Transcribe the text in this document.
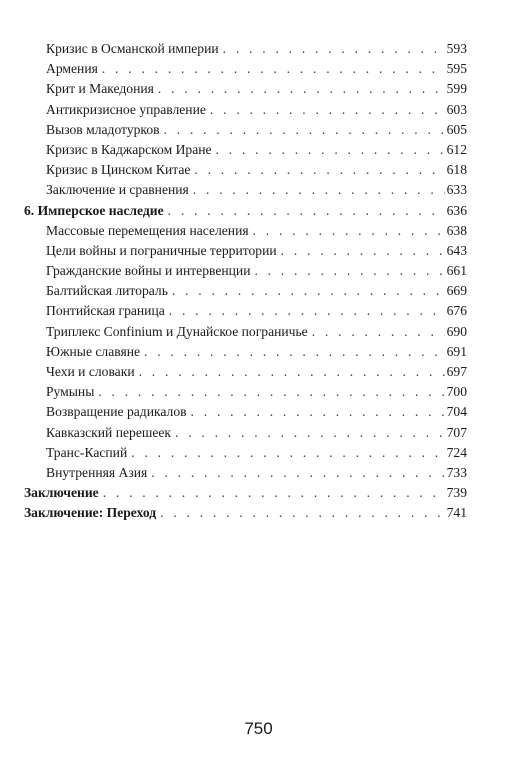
Кризис в Османской империи . . .	593
Армения . . .	595
Крит и Македония . . .	599
Антикризисное управление . . .	603
Вызов младотурков . . .	605
Кризис в Каджарском Иране . . .	612
Кризис в Цинском Китае . . .	618
Заключение и сравнения . . .	633
6. Имперское наследие . . .	636
Массовые перемещения населения . . .	638
Цели войны и пограничные территории . . .	643
Гражданские войны и интервенции . . .	661
Балтийская литораль . . .	669
Понтийская граница . . .	676
Триплекс Confinium и Дунайское пограничье . . .	690
Южные славяне . . .	691
Чехи и словаки . . .	697
Румыны . . .	700
Возвращение радикалов . . .	704
Кавказский перешеек . . .	707
Транс-Каспий . . .	724
Внутренняя Азия . . .	733
Заключение . . .	739
Заключение: Переход . . .	741
750
